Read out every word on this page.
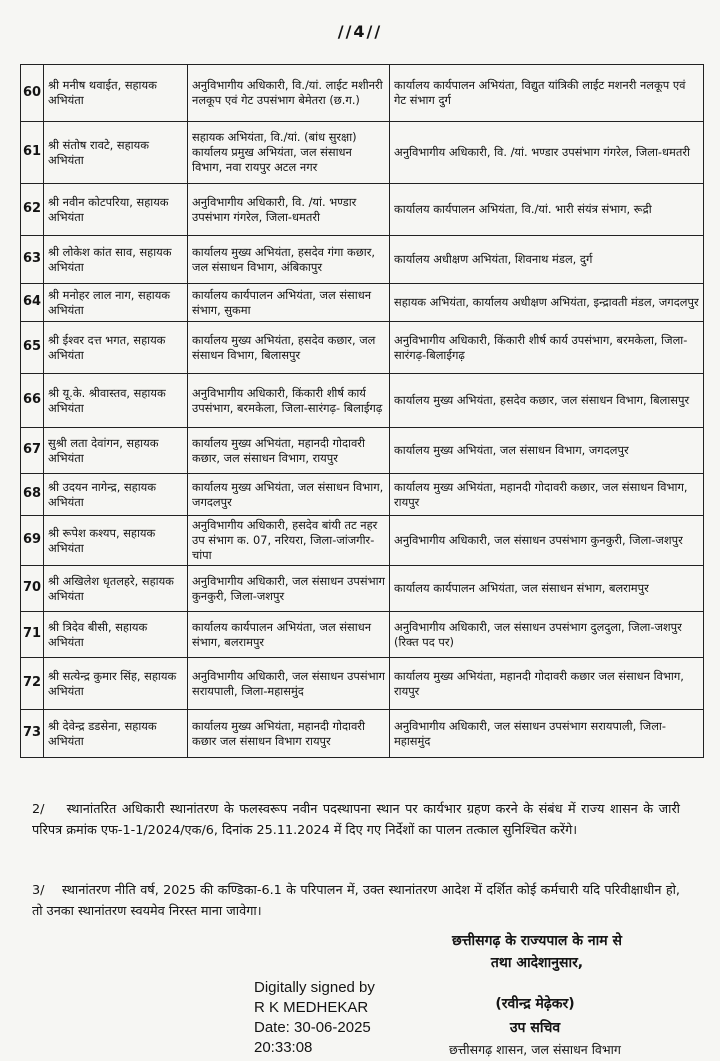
//4//
60	श्री मनीष थवाईत, सहायक अभियंता	अनुविभागीय अधिकारी, वि./यां. लाईट मशीनरी नलकूप एवं गेट उपसंभाग बेमेतरा (छ.ग.)	कार्यालय कार्यपालन अभियंता, विद्युत यांत्रिकी लाईट मशनरी नलकूप एवं गेट संभाग दुर्ग
61	श्री संतोष रावटे, सहायक अभियंता	सहायक अभियंता, वि./यां. (बांध सुरक्षा) कार्यालय प्रमुख अभियंता, जल संसाधन विभाग, नवा रायपुर अटल नगर	अनुविभागीय अधिकारी, वि. /यां. भण्डार उपसंभाग गंगरेल, जिला-धमतरी
62	श्री नवीन कोटपरिया, सहायक अभियंता	अनुविभागीय अधिकारी, वि. /यां. भण्डार उपसंभाग गंगरेल, जिला-धमतरी	कार्यालय कार्यपालन अभियंता, वि./यां. भारी संयंत्र संभाग, रूद्री
63	श्री लोकेश कांत साव, सहायक अभियंता	कार्यालय मुख्य अभियंता, हसदेव गंगा कछार, जल संसाधन विभाग, अंबिकापुर	कार्यालय अधीक्षण अभियंता, शिवनाथ मंडल, दुर्ग
64	श्री मनोहर लाल नाग, सहायक अभियंता	कार्यालय कार्यपालन अभियंता, जल संसाधन संभाग, सुकमा	सहायक अभियंता, कार्यालय अधीक्षण अभियंता, इन्द्रावती मंडल, जगदलपुर
65	श्री ईश्वर दत्त भगत, सहायक अभियंता	कार्यालय मुख्य अभियंता, हसदेव कछार, जल संसाधन विभाग, बिलासपुर	अनुविभागीय अधिकारी, किंकारी शीर्ष कार्य उपसंभाग, बरमकेला, जिला-सारंगढ़-बिलाईगढ़
66	श्री यू.के. श्रीवास्तव, सहायक अभियंता	अनुविभागीय अधिकारी, किंकारी शीर्ष कार्य उपसंभाग, बरमकेला, जिला-सारंगढ़- बिलाईगढ़	कार्यालय मुख्य अभियंता, हसदेव कछार, जल संसाधन विभाग, बिलासपुर
67	सुश्री लता देवांगन, सहायक अभियंता	कार्यालय मुख्य अभियंता, महानदी गोदावरी कछार, जल संसाधन विभाग, रायपुर	कार्यालय मुख्य अभियंता, जल संसाधन विभाग, जगदलपुर
68	श्री उदयन नागेन्द्र, सहायक अभियंता	कार्यालय मुख्य अभियंता, जल संसाधन विभाग, जगदलपुर	कार्यालय मुख्य अभियंता, महानदी गोदावरी कछार, जल संसाधन विभाग, रायपुर
69	श्री रूपेश कश्यप, सहायक अभियंता	अनुविभागीय अधिकारी, हसदेव बांयी तट नहर उप संभाग क. 07, नरियरा, जिला-जांजगीर-चांपा	अनुविभागीय अधिकारी, जल संसाधन उपसंभाग कुनकुरी, जिला-जशपुर
70	श्री अखिलेश धृतलहरे, सहायक अभियंता	अनुविभागीय अधिकारी, जल संसाधन उपसंभाग कुनकुरी, जिला-जशपुर	कार्यालय कार्यपालन अभियंता, जल संसाधन संभाग, बलरामपुर
71	श्री त्रिदेव बीसी, सहायक अभियंता	कार्यालय कार्यपालन अभियंता, जल संसाधन संभाग, बलरामपुर	अनुविभागीय अधिकारी, जल संसाधन उपसंभाग दुलदुला, जिला-जशपुर (रिक्त पद पर)
72	श्री सत्येन्द्र कुमार सिंह, सहायक अभियंता	अनुविभागीय अधिकारी, जल संसाधन उपसंभाग सरायपाली, जिला-महासमुंद	कार्यालय मुख्य अभियंता, महानदी गोदावरी कछार जल संसाधन विभाग, रायपुर
73	श्री देवेन्द्र डडसेना, सहायक अभियंता	कार्यालय मुख्य अभियंता, महानदी गोदावरी कछार जल संसाधन विभाग रायपुर	अनुविभागीय अधिकारी, जल संसाधन उपसंभाग सरायपाली, जिला-महासमुंद
2/ स्थानांतरित अधिकारी स्थानांतरण के फलस्वरूप नवीन पदस्थापना स्थान पर कार्यभार ग्रहण करने के संबंध में राज्य शासन के जारी परिपत्र क्रमांक एफ-1-1/2024/एक/6, दिनांक 25.11.2024 में दिए गए निर्देशों का पालन तत्काल सुनिश्चित करेंगे।
3/ स्थानांतरण नीति वर्ष, 2025 की कण्डिका-6.1 के परिपालन में, उक्त स्थानांतरण आदेश में दर्शित कोई कर्मचारी यदि परिवीक्षाधीन हो, तो उनका स्थानांतरण स्वयमेव निरस्त माना जावेगा।
छत्तीसगढ़ के राज्यपाल के नाम से
तथा आदेशानुसार,
Digitally signed by
R K MEDHEKAR
Date: 30-06-2025
20:33:08
(रवीन्द्र मेढ़ेकर)
उप सचिव
छत्तीसगढ़ शासन, जल संसाधन विभाग
